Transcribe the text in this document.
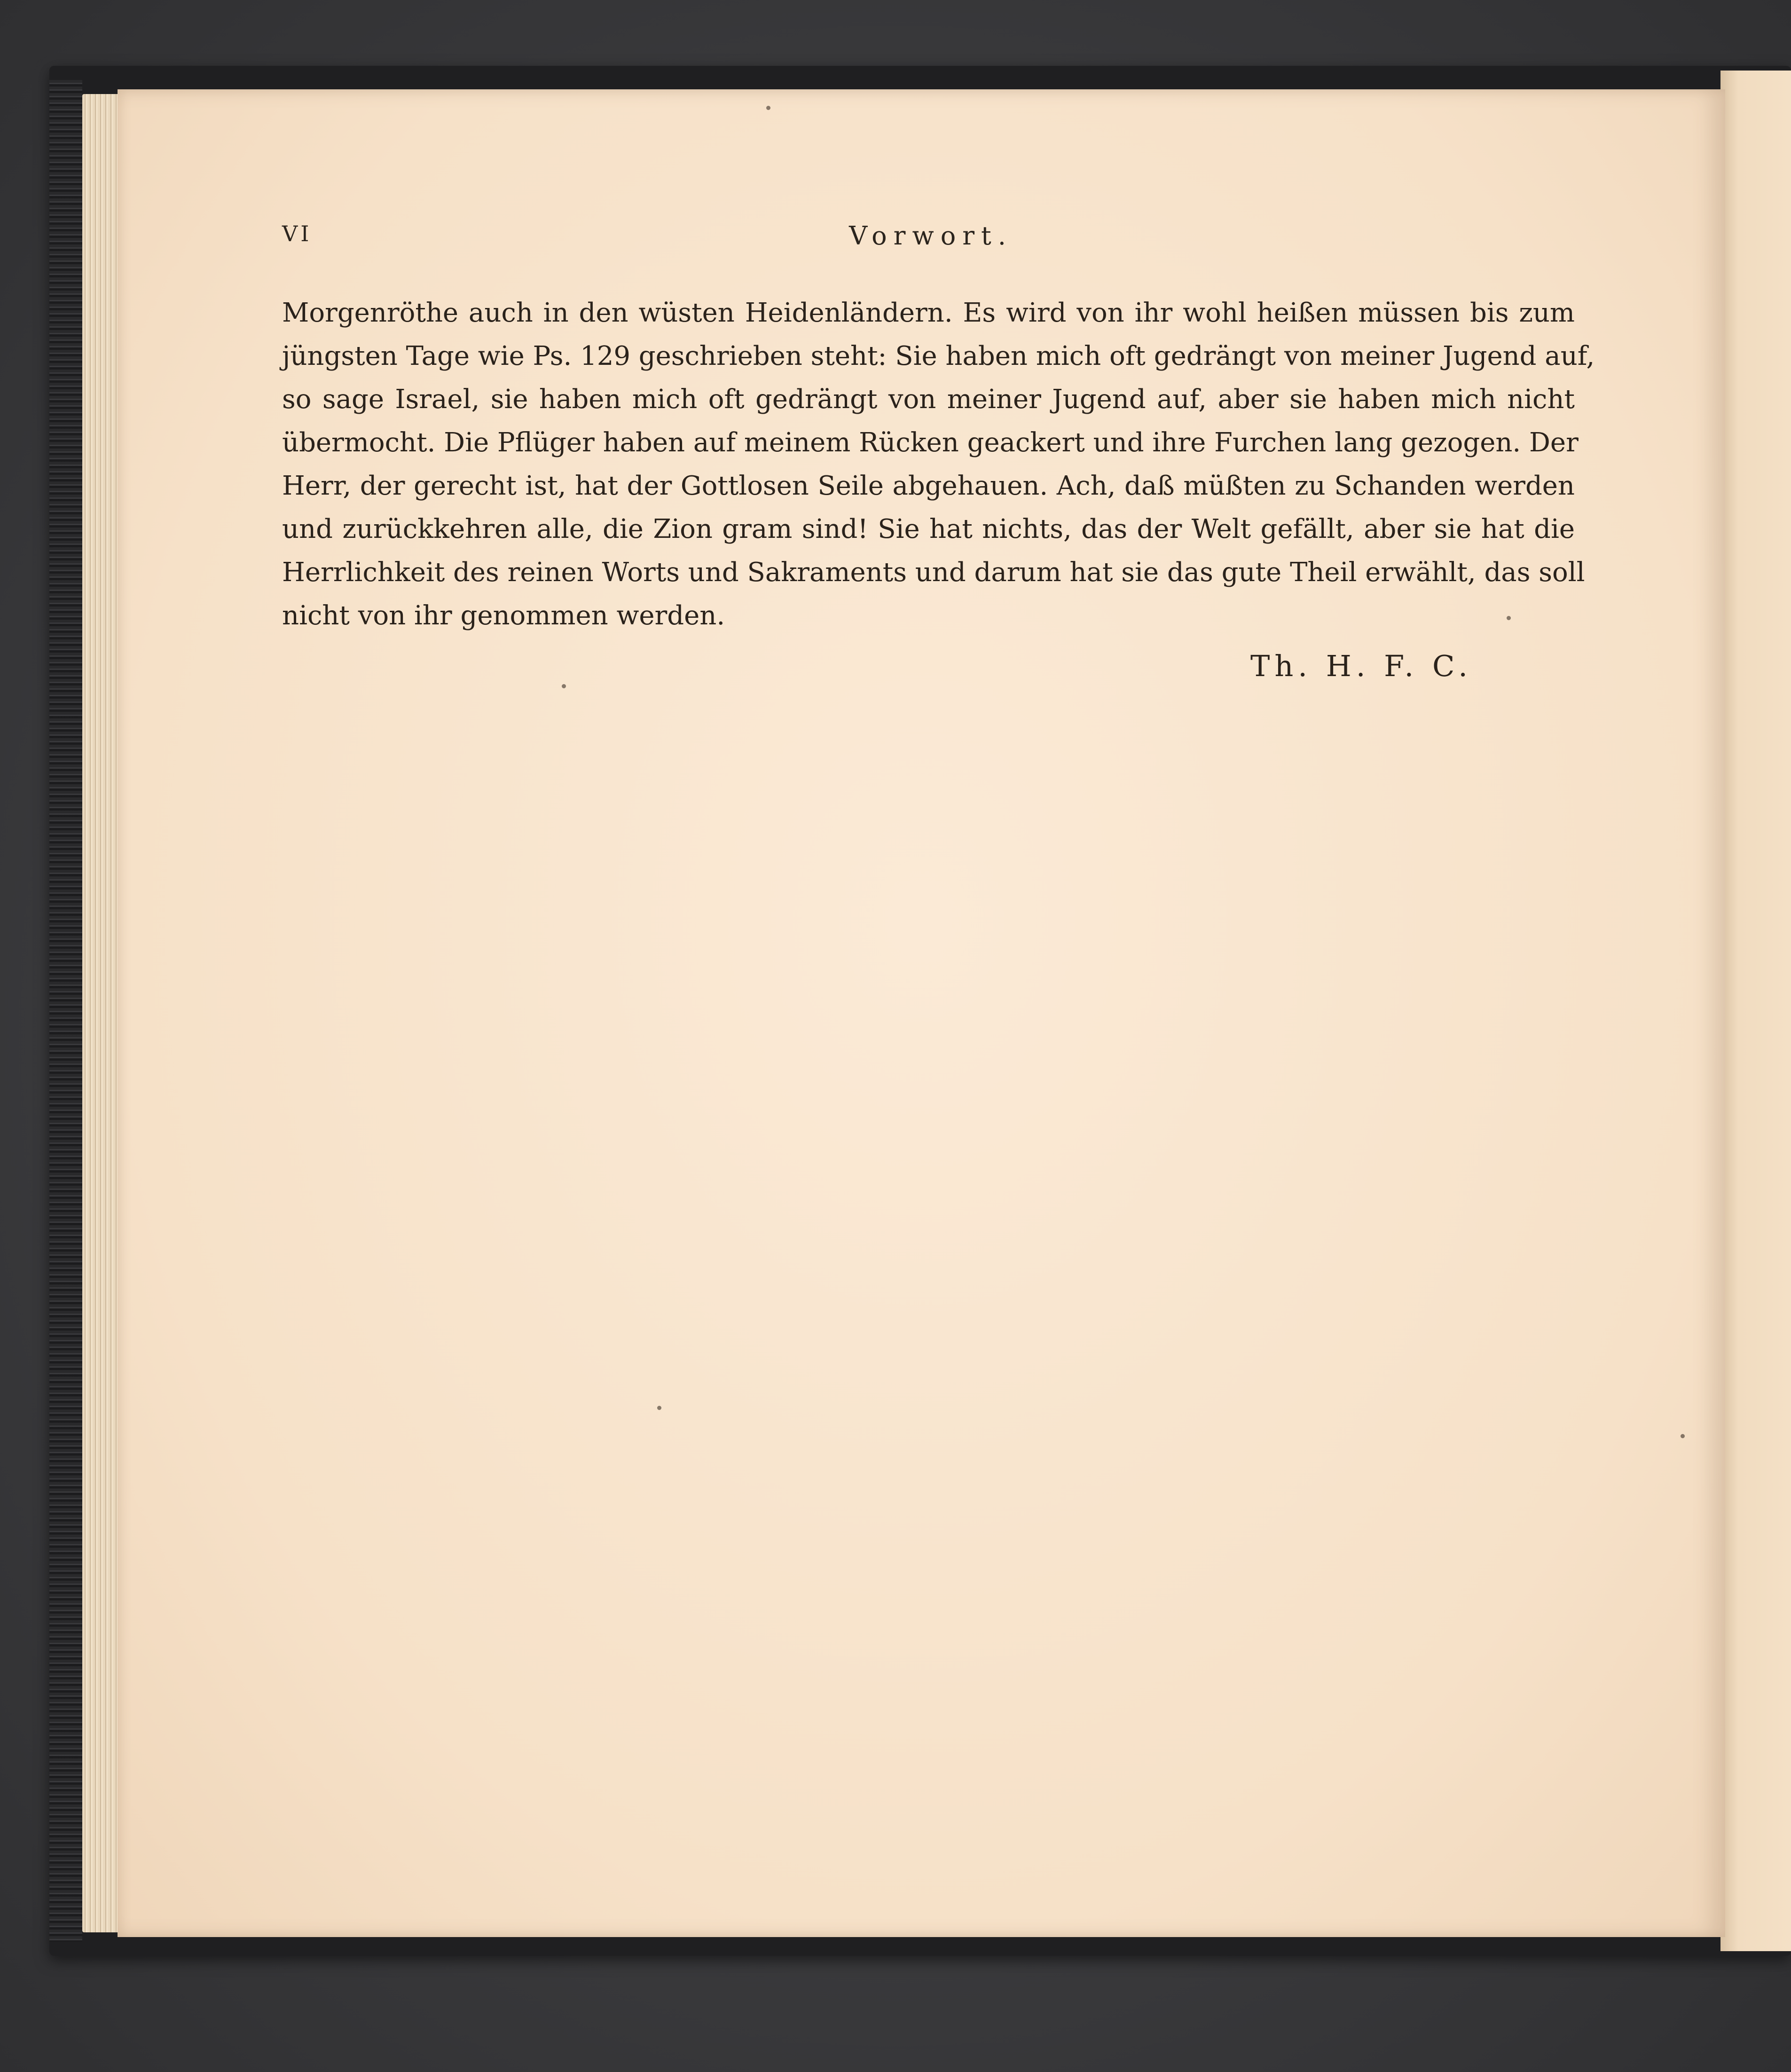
VI	Vorwort.
Morgenröthe auch in den wüsten Heidenländern. Es wird von ihr wohl heißen müssen bis zum
jüngsten Tage wie Ps. 129 geschrieben steht: Sie haben mich oft gedrängt von meiner Jugend auf,
so sage Israel, sie haben mich oft gedrängt von meiner Jugend auf, aber sie haben mich nicht
übermocht. Die Pflüger haben auf meinem Rücken geackert und ihre Furchen lang gezogen. Der
Herr, der gerecht ist, hat der Gottlosen Seile abgehauen. Ach, daß müßten zu Schanden werden
und zurückkehren alle, die Zion gram sind! Sie hat nichts, das der Welt gefällt, aber sie hat die
Herrlichkeit des reinen Worts und Sakraments und darum hat sie das gute Theil erwählt, das soll
nicht von ihr genommen werden.
Th. H. F. C.
